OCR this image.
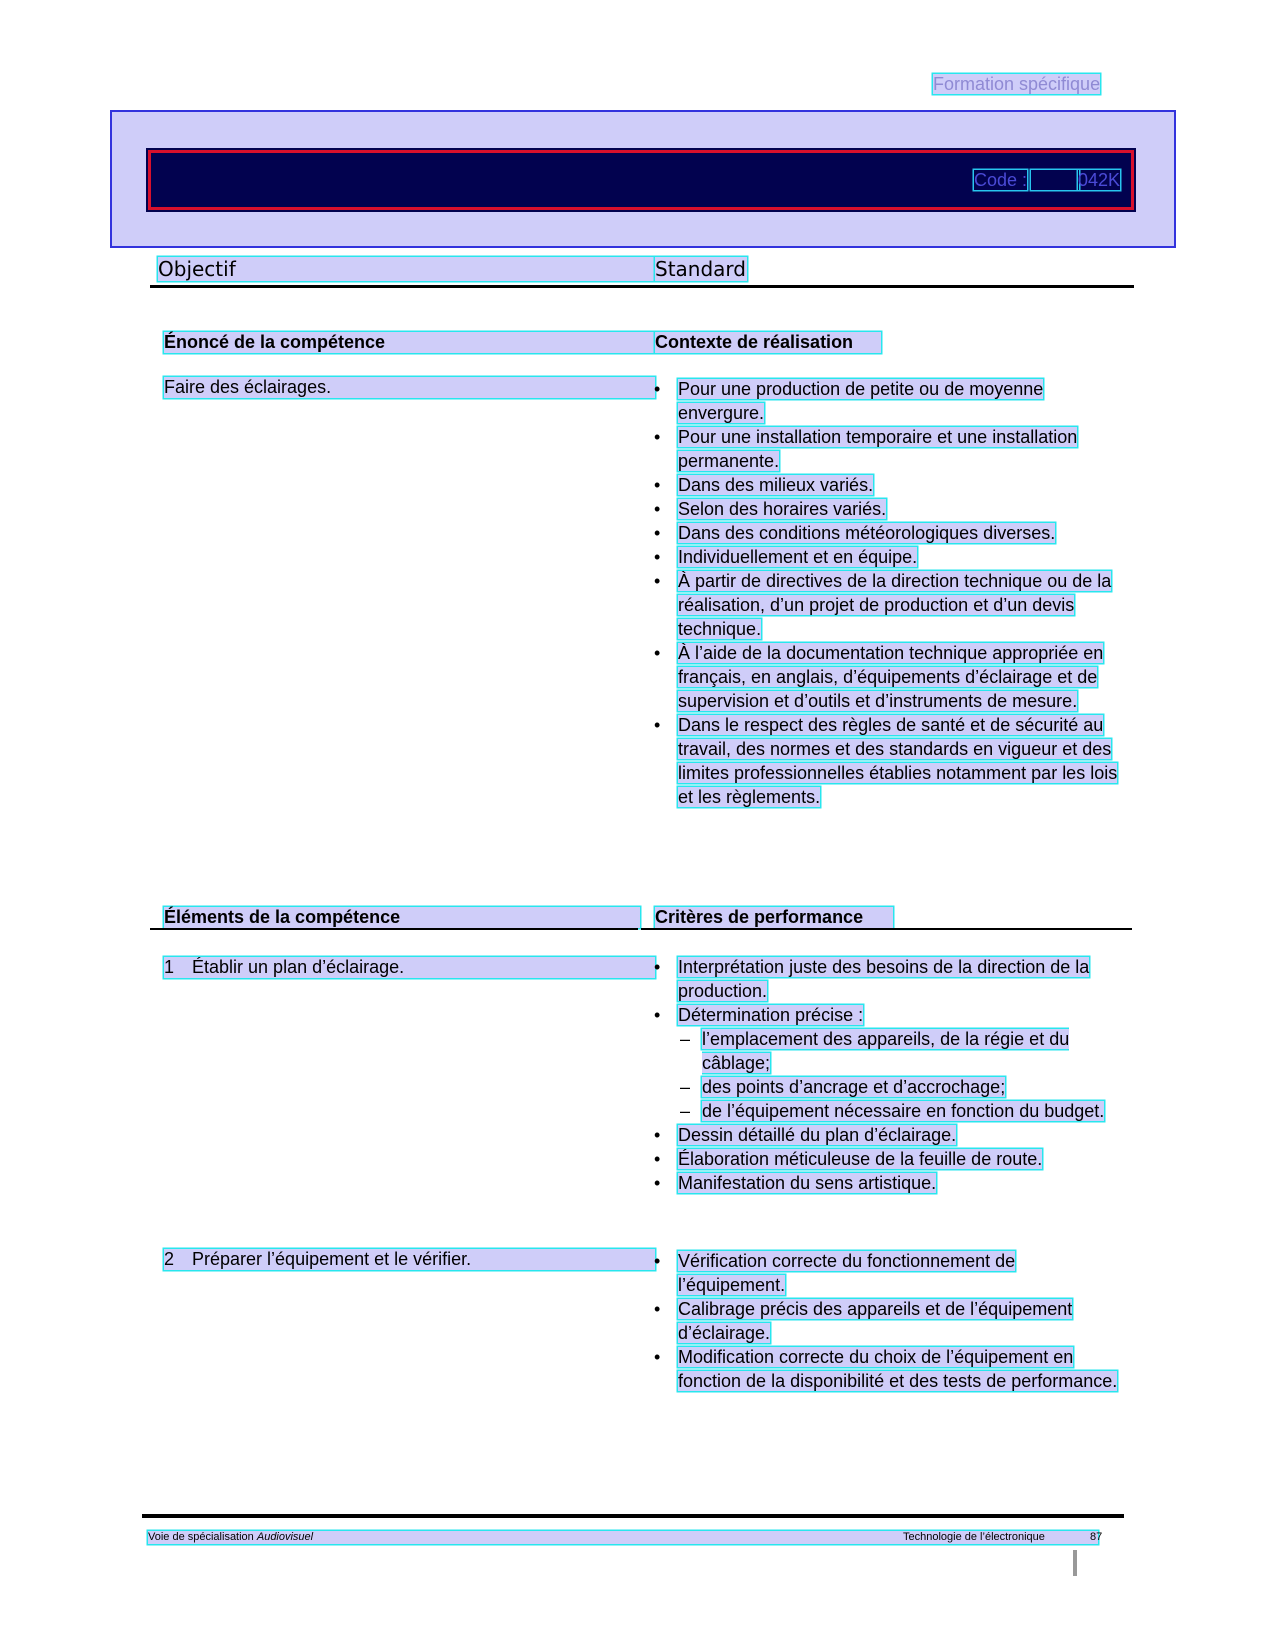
Formation spécifique
Code :	042K
Objectif	Standard
Énoncé de la compétence	Contexte de réalisation
Faire des éclairages.	• Pour une production de petite ou de moyenne envergure.
• Pour une installation temporaire et une installation permanente.
• Dans des milieux variés.
• Selon des horaires variés.
• Dans des conditions météorologiques diverses.
• Individuellement et en équipe.
• À partir de directives de la direction technique ou de la réalisation, d’un projet de production et d’un devis technique.
• À l’aide de la documentation technique appropriée en français, en anglais, d’équipements d’éclairage et de supervision et d’outils et d’instruments de mesure.
• Dans le respect des règles de santé et de sécurité au travail, des normes et des standards en vigueur et des limites professionnelles établies notamment par les lois et les règlements.
Éléments de la compétence	Critères de performance
1 Établir un plan d’éclairage.	• Interprétation juste des besoins de la direction de la production.
• Détermination précise :
– l’emplacement des appareils, de la régie et du câblage;
– des points d’ancrage et d’accrochage;
– de l’équipement nécessaire en fonction du budget.
• Dessin détaillé du plan d’éclairage.
• Élaboration méticuleuse de la feuille de route.
• Manifestation du sens artistique.
2 Préparer l’équipement et le vérifier.	• Vérification correcte du fonctionnement de l’équipement.
• Calibrage précis des appareils et de l’équipement d’éclairage.
• Modification correcte du choix de l’équipement en fonction de la disponibilité et des tests de performance.
Voie de spécialisation Audiovisuel	Technologie de l’électronique	87
